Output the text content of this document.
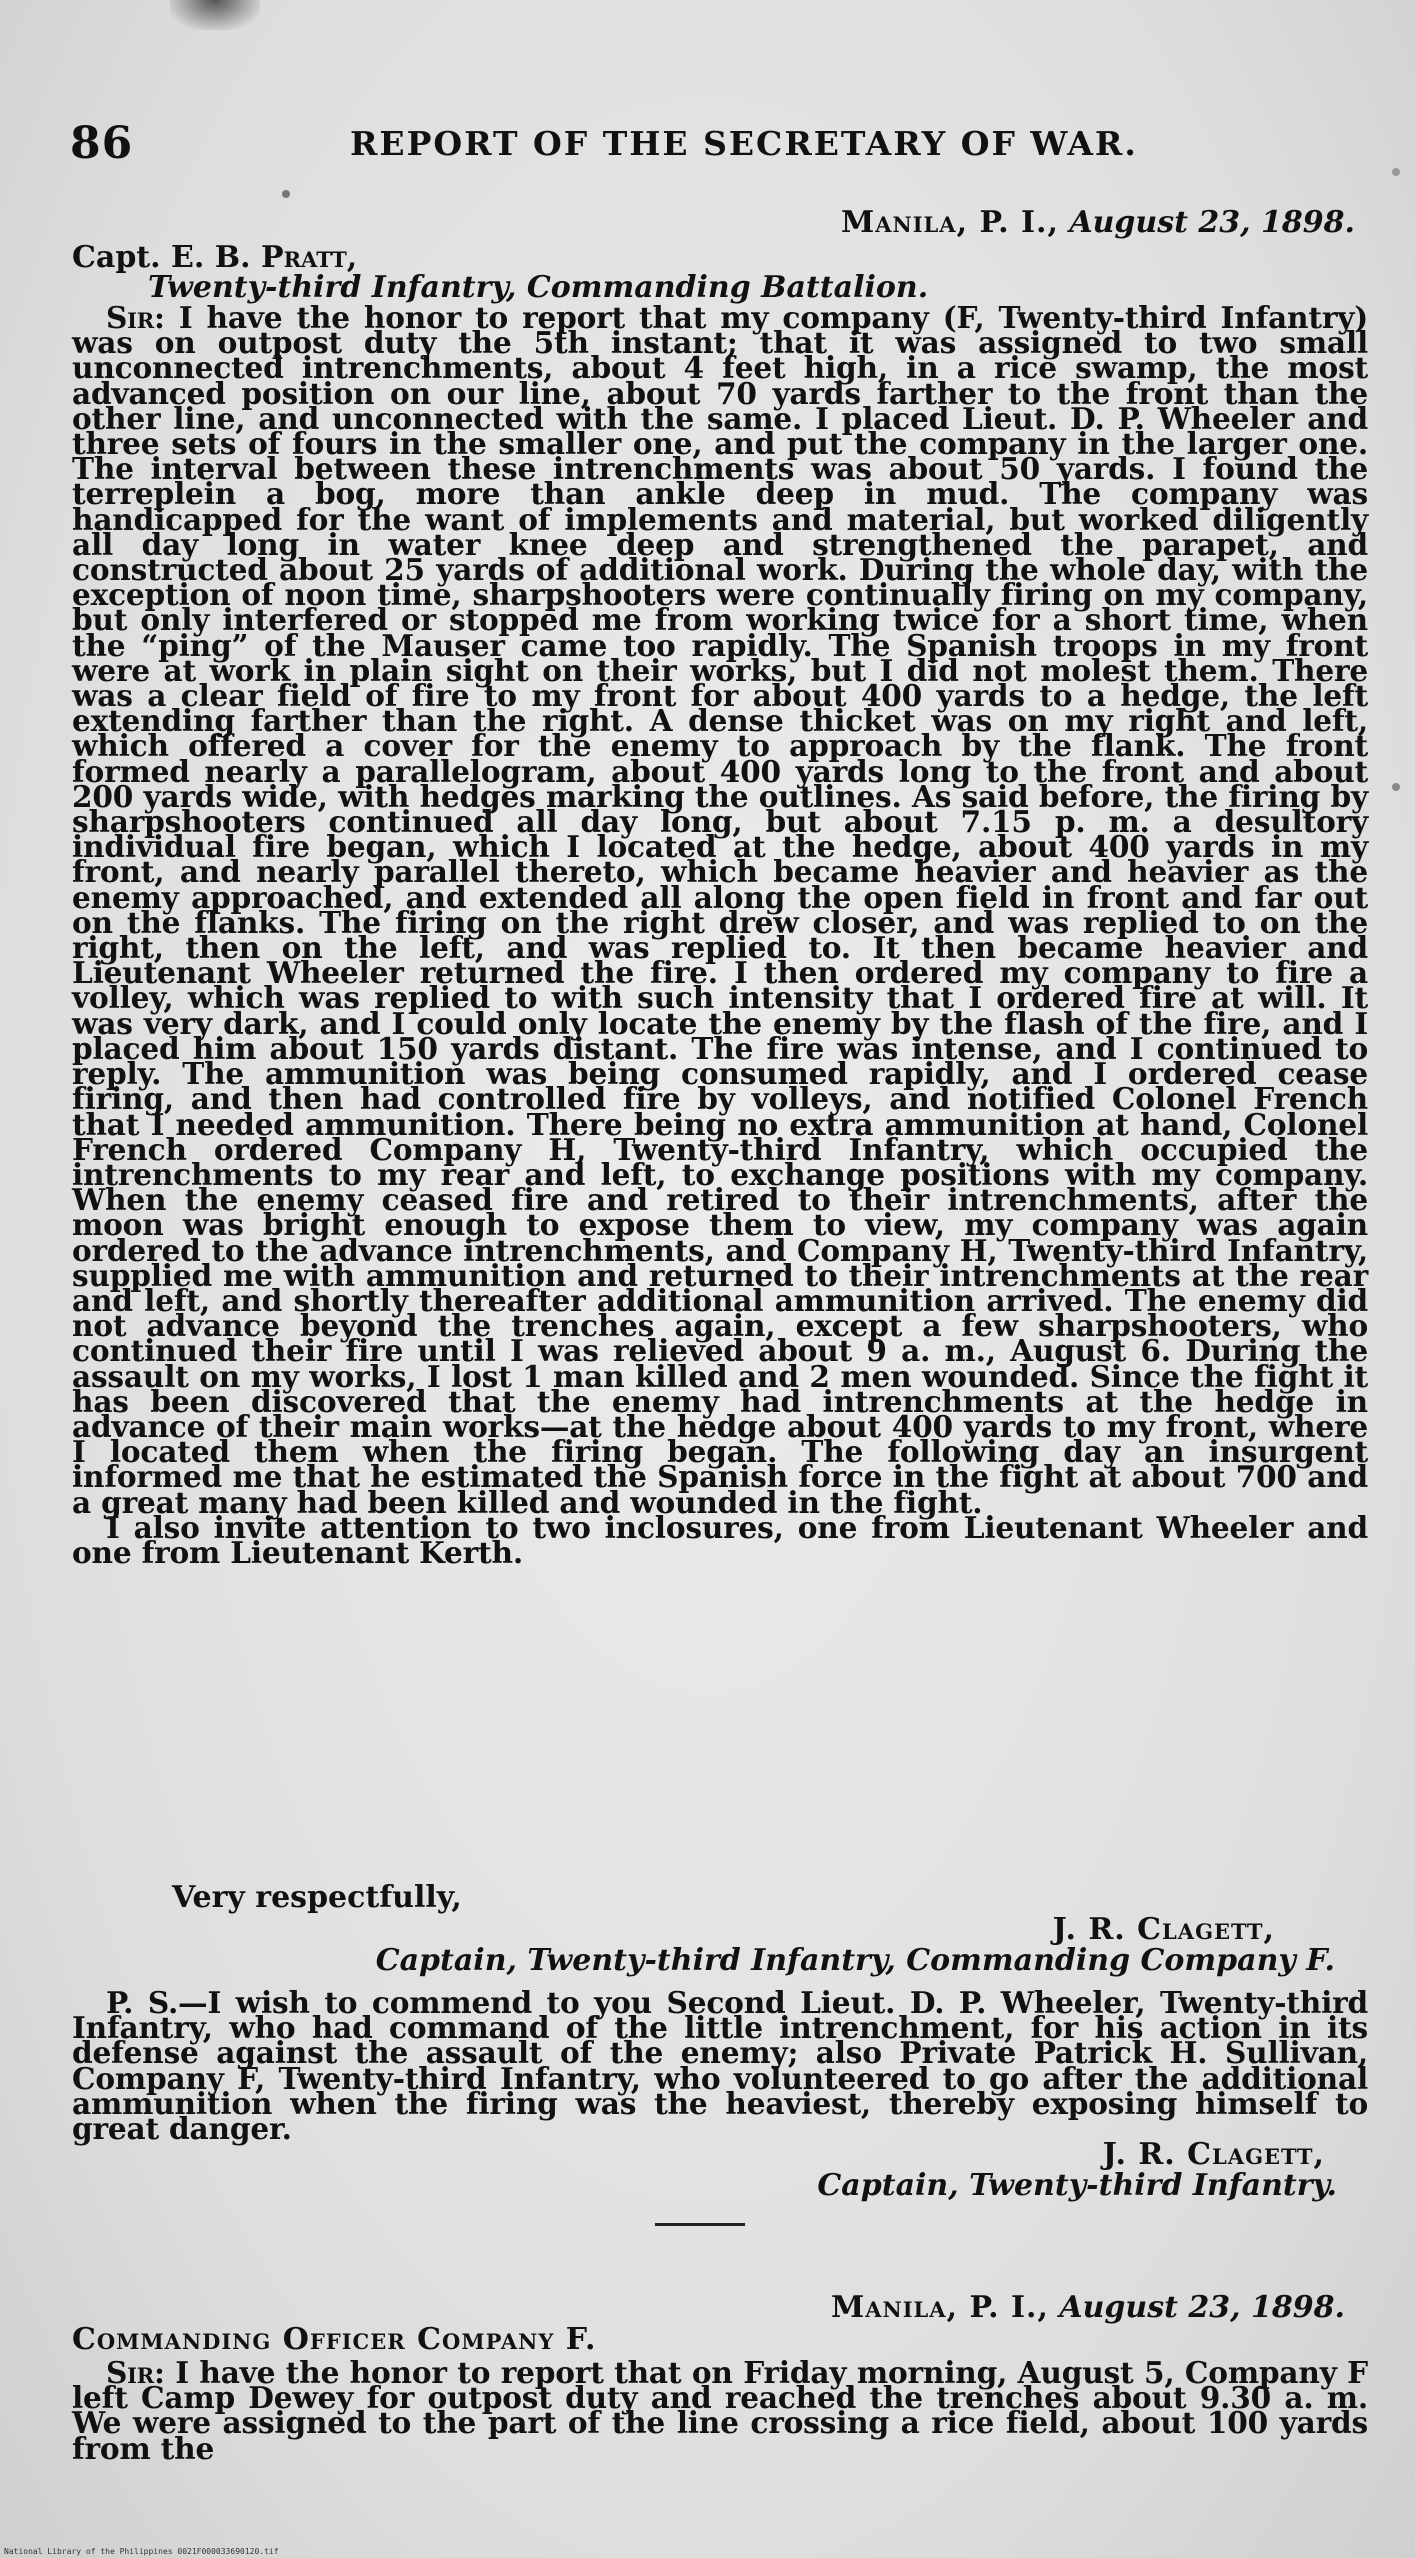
86	REPORT OF THE SECRETARY OF WAR.
Manila, P. I., August 23, 1898.
Capt. E. B. Pratt,
Twenty-third Infantry, Commanding Battalion.

Sir: I have the honor to report that my company (F, Twenty-third Infantry) was on outpost duty the 5th instant; that it was assigned to two small unconnected intrenchments, about 4 feet high, in a rice swamp, the most advanced position on our line, about 70 yards farther to the front than the other line, and unconnected with the same. I placed Lieut. D. P. Wheeler and three sets of fours in the smaller one, and put the company in the larger one. The interval between these intrenchments was about 50 yards. I found the terreplein a bog, more than ankle deep in mud. The company was handicapped for the want of implements and material, but worked diligently all day long in water knee deep and strengthened the parapet, and constructed about 25 yards of additional work. During the whole day, with the exception of noon time, sharpshooters were continually firing on my company, but only interfered or stopped me from working twice for a short time, when the “ping” of the Mauser came too rapidly. The Spanish troops in my front were at work in plain sight on their works, but I did not molest them. There was a clear field of fire to my front for about 400 yards to a hedge, the left extending farther than the right. A dense thicket was on my right and left, which offered a cover for the enemy to approach by the flank. The front formed nearly a parallelogram, about 400 yards long to the front and about 200 yards wide, with hedges marking the outlines. As said before, the firing by sharpshooters continued all day long, but about 7.15 p. m. a desultory individual fire began, which I located at the hedge, about 400 yards in my front, and nearly parallel thereto, which became heavier and heavier as the enemy approached, and extended all along the open field in front and far out on the flanks. The firing on the right drew closer, and was replied to on the right, then on the left, and was replied to. It then became heavier and Lieutenant Wheeler returned the fire. I then ordered my company to fire a volley, which was replied to with such intensity that I ordered fire at will. It was very dark, and I could only locate the enemy by the flash of the fire, and I placed him about 150 yards distant. The fire was intense, and I continued to reply. The ammunition was being consumed rapidly, and I ordered cease firing, and then had controlled fire by volleys, and notified Colonel French that I needed ammunition. There being no extra ammunition at hand, Colonel French ordered Company H, Twenty-third Infantry, which occupied the intrenchments to my rear and left, to exchange positions with my company. When the enemy ceased fire and retired to their intrenchments, after the moon was bright enough to expose them to view, my company was again ordered to the advance intrenchments, and Company H, Twenty-third Infantry, supplied me with ammunition and returned to their intrenchments at the rear and left, and shortly thereafter additional ammunition arrived. The enemy did not advance beyond the trenches again, except a few sharpshooters, who continued their fire until I was relieved about 9 a. m., August 6. During the assault on my works, I lost 1 man killed and 2 men wounded. Since the fight it has been discovered that the enemy had intrenchments at the hedge in advance of their main works—at the hedge about 400 yards to my front, where I located them when the firing began. The following day an insurgent informed me that he estimated the Spanish force in the fight at about 700 and a great many had been killed and wounded in the fight.

I also invite attention to two inclosures, one from Lieutenant Wheeler and one from Lieutenant Kerth.

Very respectfully,
J. R. Clagett,
Captain, Twenty-third Infantry, Commanding Company F.

P. S.—I wish to commend to you Second Lieut. D. P. Wheeler, Twenty-third Infantry, who had command of the little intrenchment, for his action in its defense against the assault of the enemy; also Private Patrick H. Sullivan, Company F, Twenty-third Infantry, who volunteered to go after the additional ammunition when the firing was the heaviest, thereby exposing himself to great danger.

J. R. Clagett,
Captain, Twenty-third Infantry.
Manila, P. I., August 23, 1898.
Commanding Officer Company F.

Sir: I have the honor to report that on Friday morning, August 5, Company F left Camp Dewey for outpost duty and reached the trenches about 9.30 a. m. We were assigned to the part of the line crossing a rice field, about 100 yards from the

National Library of the Philippines 0021F000033690120.tif
